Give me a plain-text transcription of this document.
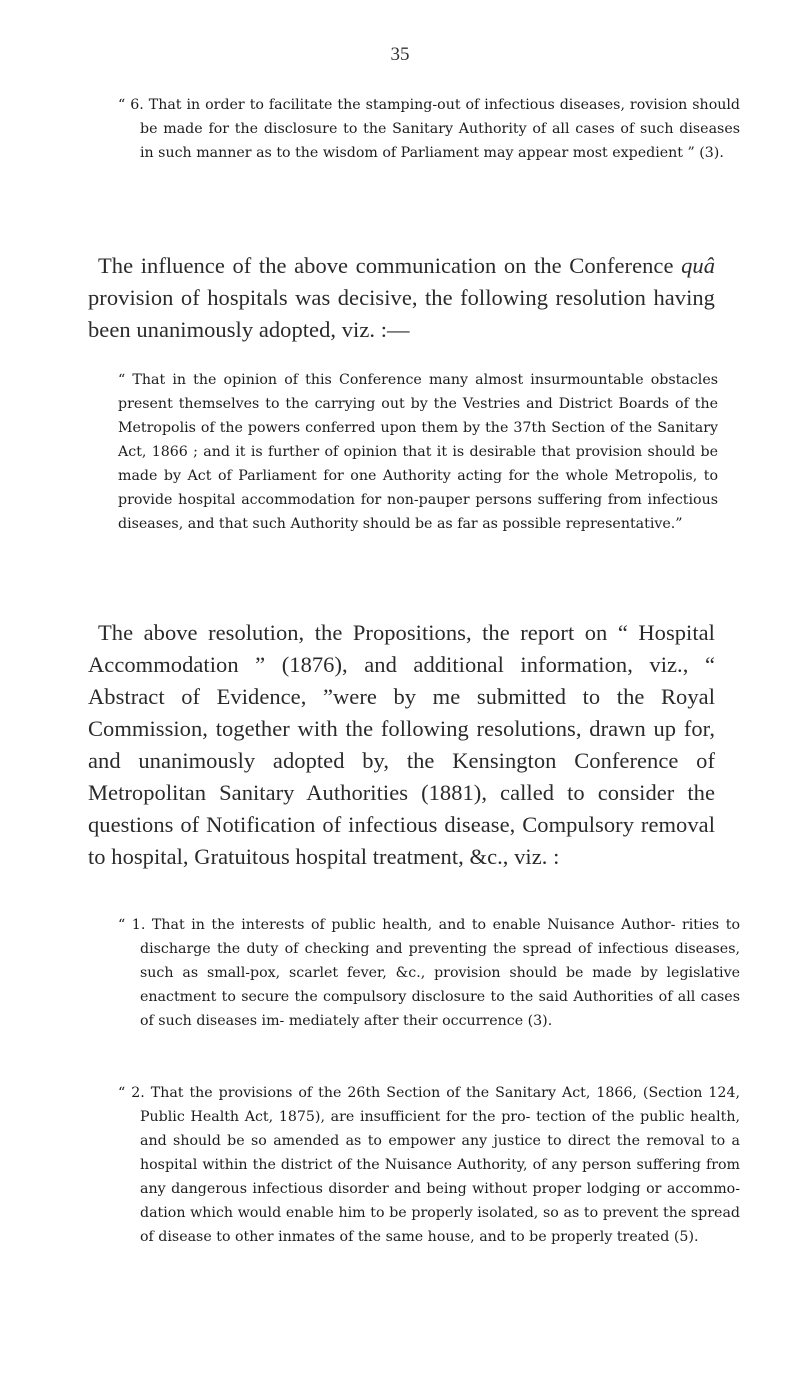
35

“ 6. That in order to facilitate the stamping-out of infectious diseases, rovision should be made for the disclosure to the Sanitary Authority of all cases of such diseases in such manner as to the wisdom of Parliament may appear most expedient ” (3).

The influence of the above communication on the Conference quâ provision of hospitals was decisive, the following resolution having been unanimously adopted, viz. :—

“ That in the opinion of this Conference many almost insurmountable obstacles present themselves to the carrying out by the Vestries and District Boards of the Metropolis of the powers conferred upon them by the 37th Section of the Sanitary Act, 1866 ; and it is further of opinion that it is desirable that provision should be made by Act of Parliament for one Authority acting for the whole Metropolis, to provide hospital accommodation for non-pauper persons suffering from infectious diseases, and that such Authority should be as far as possible representative.”

The above resolution, the Propositions, the report on “ Hospital Accommodation ” (1876), and additional information, viz., “ Abstract of Evidence, ”were by me submitted to the Royal Commission, together with the following resolutions, drawn up for, and unanimously adopted by, the Kensington Conference of Metropolitan Sanitary Authorities (1881), called to consider the questions of Notification of infectious disease, Compulsory removal to hospital, Gratuitous hospital treatment, &c., viz. :

“ 1. That in the interests of public health, and to enable Nuisance Author- rities to discharge the duty of checking and preventing the spread of infectious diseases, such as small-pox, scarlet fever, &c., provision should be made by legislative enactment to secure the compulsory disclosure to the said Authorities of all cases of such diseases im- mediately after their occurrence (3).

“ 2. That the provisions of the 26th Section of the Sanitary Act, 1866, (Section 124, Public Health Act, 1875), are insufficient for the pro- tection of the public health, and should be so amended as to empower any justice to direct the removal to a hospital within the district of the Nuisance Authority, of any person suffering from any dangerous infectious disorder and being without proper lodging or accommo- dation which would enable him to be properly isolated, so as to prevent the spread of disease to other inmates of the same house, and to be properly treated (5).
